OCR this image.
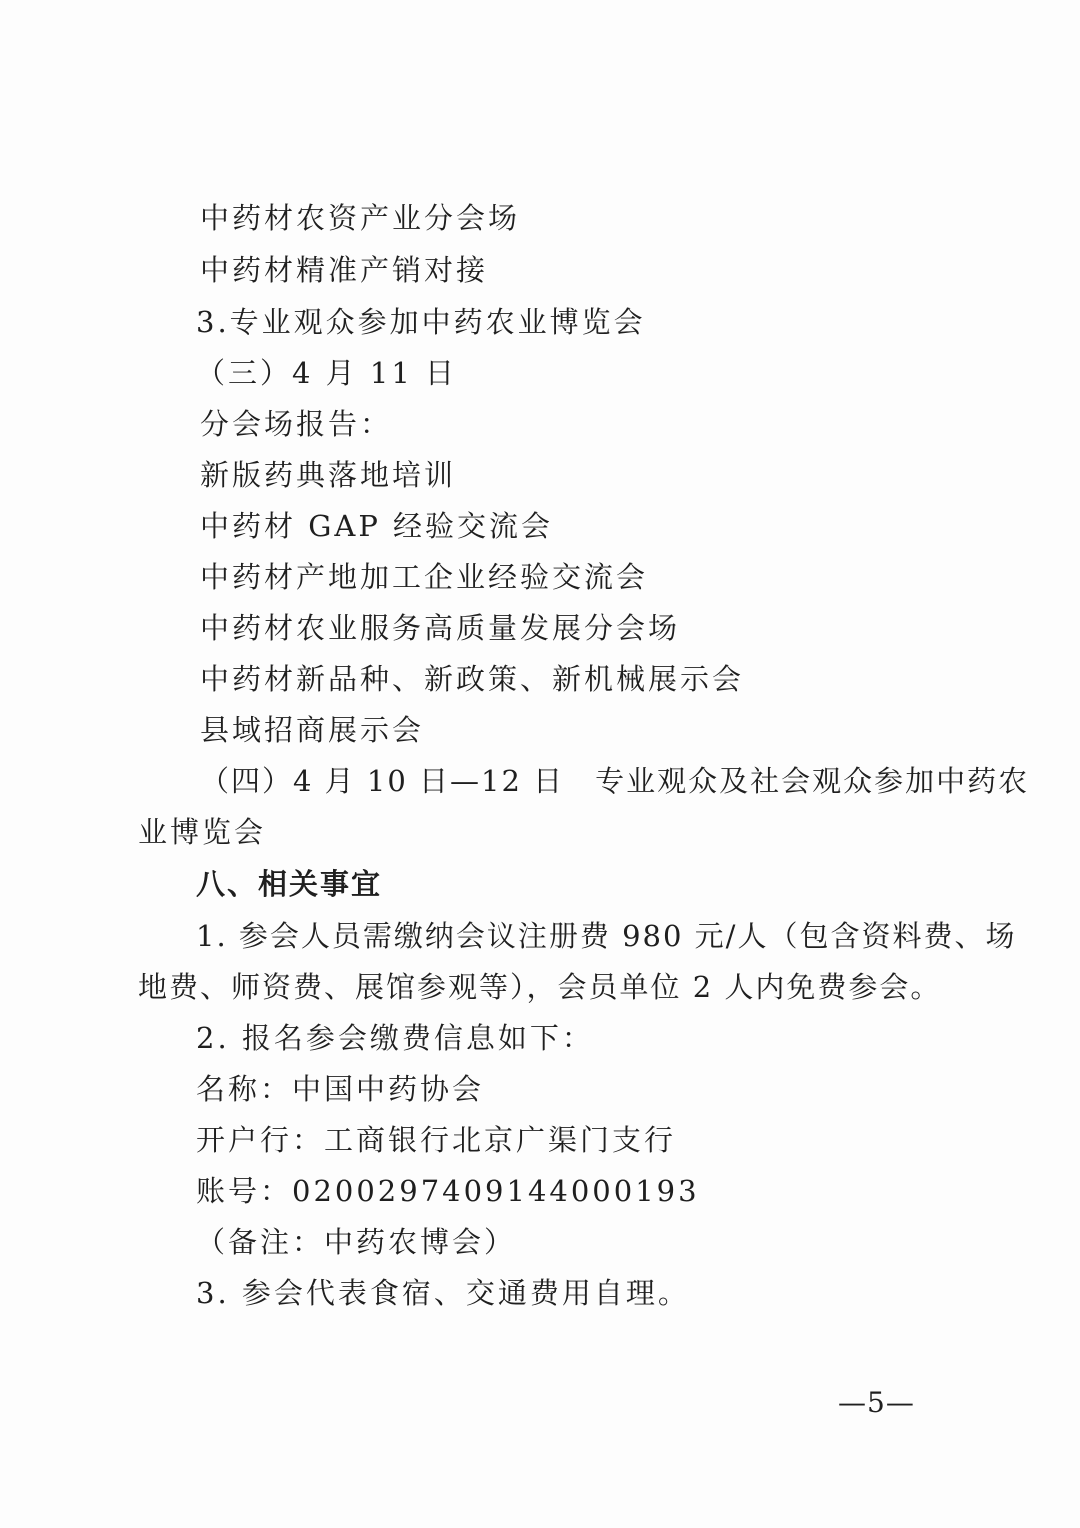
中药材农资产业分会场
中药材精准产销对接
3.专业观众参加中药农业博览会
（三）4 月 11 日
分会场报告：
新版药典落地培训
中药材 GAP 经验交流会
中药材产地加工企业经验交流会
中药材农业服务高质量发展分会场
中药材新品种、新政策、新机械展示会
县域招商展示会
（四）4 月 10 日—12 日　专业观众及社会观众参加中药农
业博览会
八、相关事宜
1. 参会人员需缴纳会议注册费 980 元/人（包含资料费、场
地费、师资费、展馆参观等），会员单位 2 人内免费参会。
2. 报名参会缴费信息如下：
名称：中国中药协会
开户行：工商银行北京广渠门支行
账号：0200297409144000193
（备注：中药农博会）
3. 参会代表食宿、交通费用自理。
—5—
